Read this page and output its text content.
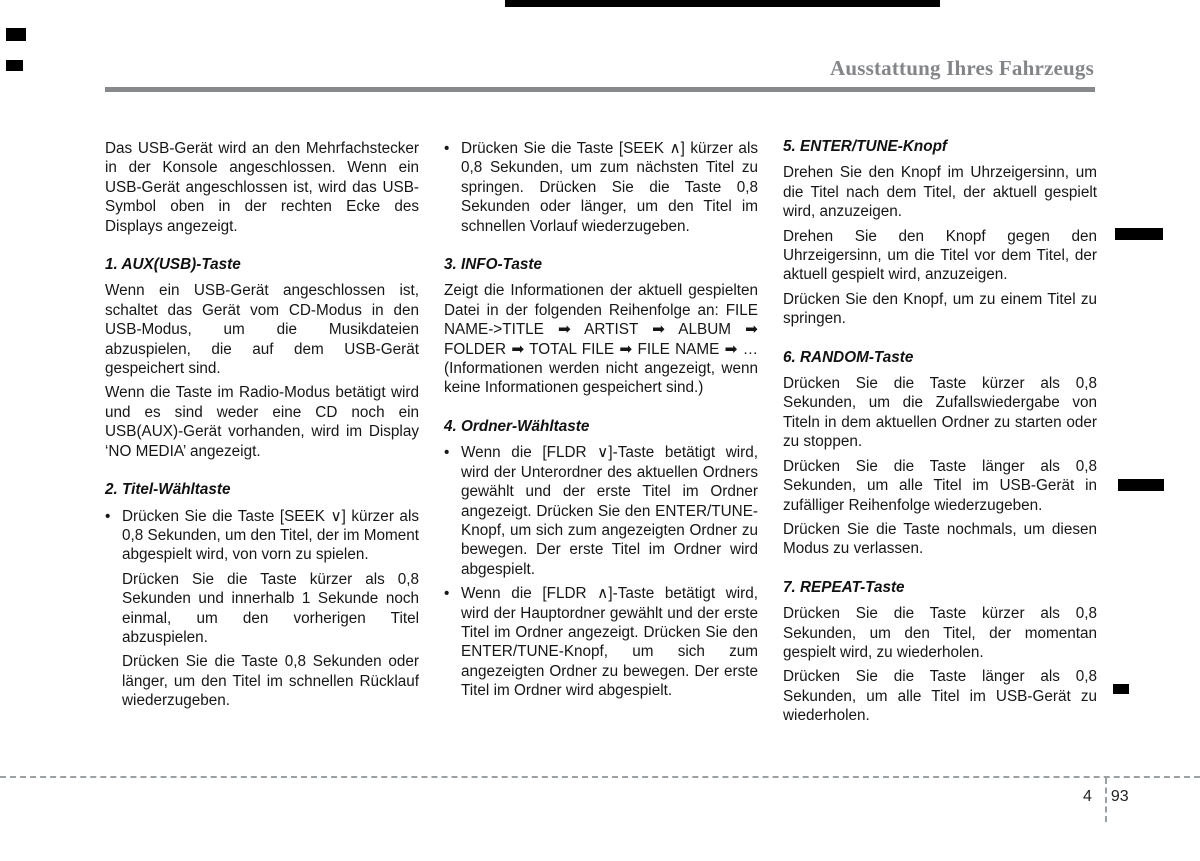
Ausstattung Ihres Fahrzeugs

Das USB-Gerät wird an den Mehrfachstecker in der Konsole angeschlossen. Wenn ein USB-Gerät angeschlossen ist, wird das USB-Symbol oben in der rechten Ecke des Displays angezeigt.

1. AUX(USB)-Taste

Wenn ein USB-Gerät angeschlossen ist, schaltet das Gerät vom CD-Modus in den USB-Modus, um die Musikdateien abzuspielen, die auf dem USB-Gerät gespeichert sind.

Wenn die Taste im Radio-Modus betätigt wird und es sind weder eine CD noch ein USB(AUX)-Gerät vorhanden, wird im Display ‘NO MEDIA’ angezeigt.

2. Titel-Wähltaste
• Drücken Sie die Taste [SEEK ∨] kürzer als 0,8 Sekunden, um den Titel, der im Moment abgespielt wird, von vorn zu spielen.

Drücken Sie die Taste kürzer als 0,8 Sekunden und innerhalb 1 Sekunde noch einmal, um den vorherigen Titel abzuspielen.

Drücken Sie die Taste 0,8 Sekunden oder länger, um den Titel im schnellen Rücklauf wiederzugeben.

• Drücken Sie die Taste [SEEK ∧] kürzer als 0,8 Sekunden, um zum nächsten Titel zu springen. Drücken Sie die Taste 0,8 Sekunden oder länger, um den Titel im schnellen Vorlauf wiederzugeben.

3. INFO-Taste

Zeigt die Informationen der aktuell gespielten Datei in der folgenden Reihenfolge an: FILE NAME->TITLE ➡ ARTIST ➡ ALBUM ➡ FOLDER ➡ TOTAL FILE ➡ FILE NAME ➡ … (Informationen werden nicht angezeigt, wenn keine Informationen gespeichert sind.)

4. Ordner-Wähltaste
• Wenn die [FLDR ∨]-Taste betätigt wird, wird der Unterordner des aktuellen Ordners gewählt und der erste Titel im Ordner angezeigt. Drücken Sie den ENTER/TUNE-Knopf, um sich zum angezeigten Ordner zu bewegen. Der erste Titel im Ordner wird abgespielt.

• Wenn die [FLDR ∧]-Taste betätigt wird, wird der Hauptordner gewählt und der erste Titel im Ordner angezeigt. Drücken Sie den ENTER/TUNE-Knopf, um sich zum angezeigten Ordner zu bewegen. Der erste Titel im Ordner wird abgespielt.

5. ENTER/TUNE-Knopf

Drehen Sie den Knopf im Uhrzeigersinn, um die Titel nach dem Titel, der aktuell gespielt wird, anzuzeigen.

Drehen Sie den Knopf gegen den Uhrzeigersinn, um die Titel vor dem Titel, der aktuell gespielt wird, anzuzeigen.

Drücken Sie den Knopf, um zu einem Titel zu springen.

6. RANDOM-Taste

Drücken Sie die Taste kürzer als 0,8 Sekunden, um die Zufallswiedergabe von Titeln in dem aktuellen Ordner zu starten oder zu stoppen.

Drücken Sie die Taste länger als 0,8 Sekunden, um alle Titel im USB-Gerät in zufälliger Reihenfolge wiederzugeben.

Drücken Sie die Taste nochmals, um diesen Modus zu verlassen.

7. REPEAT-Taste

Drücken Sie die Taste kürzer als 0,8 Sekunden, um den Titel, der momentan gespielt wird, zu wiederholen.

Drücken Sie die Taste länger als 0,8 Sekunden, um alle Titel im USB-Gerät zu wiederholen.

4 93
